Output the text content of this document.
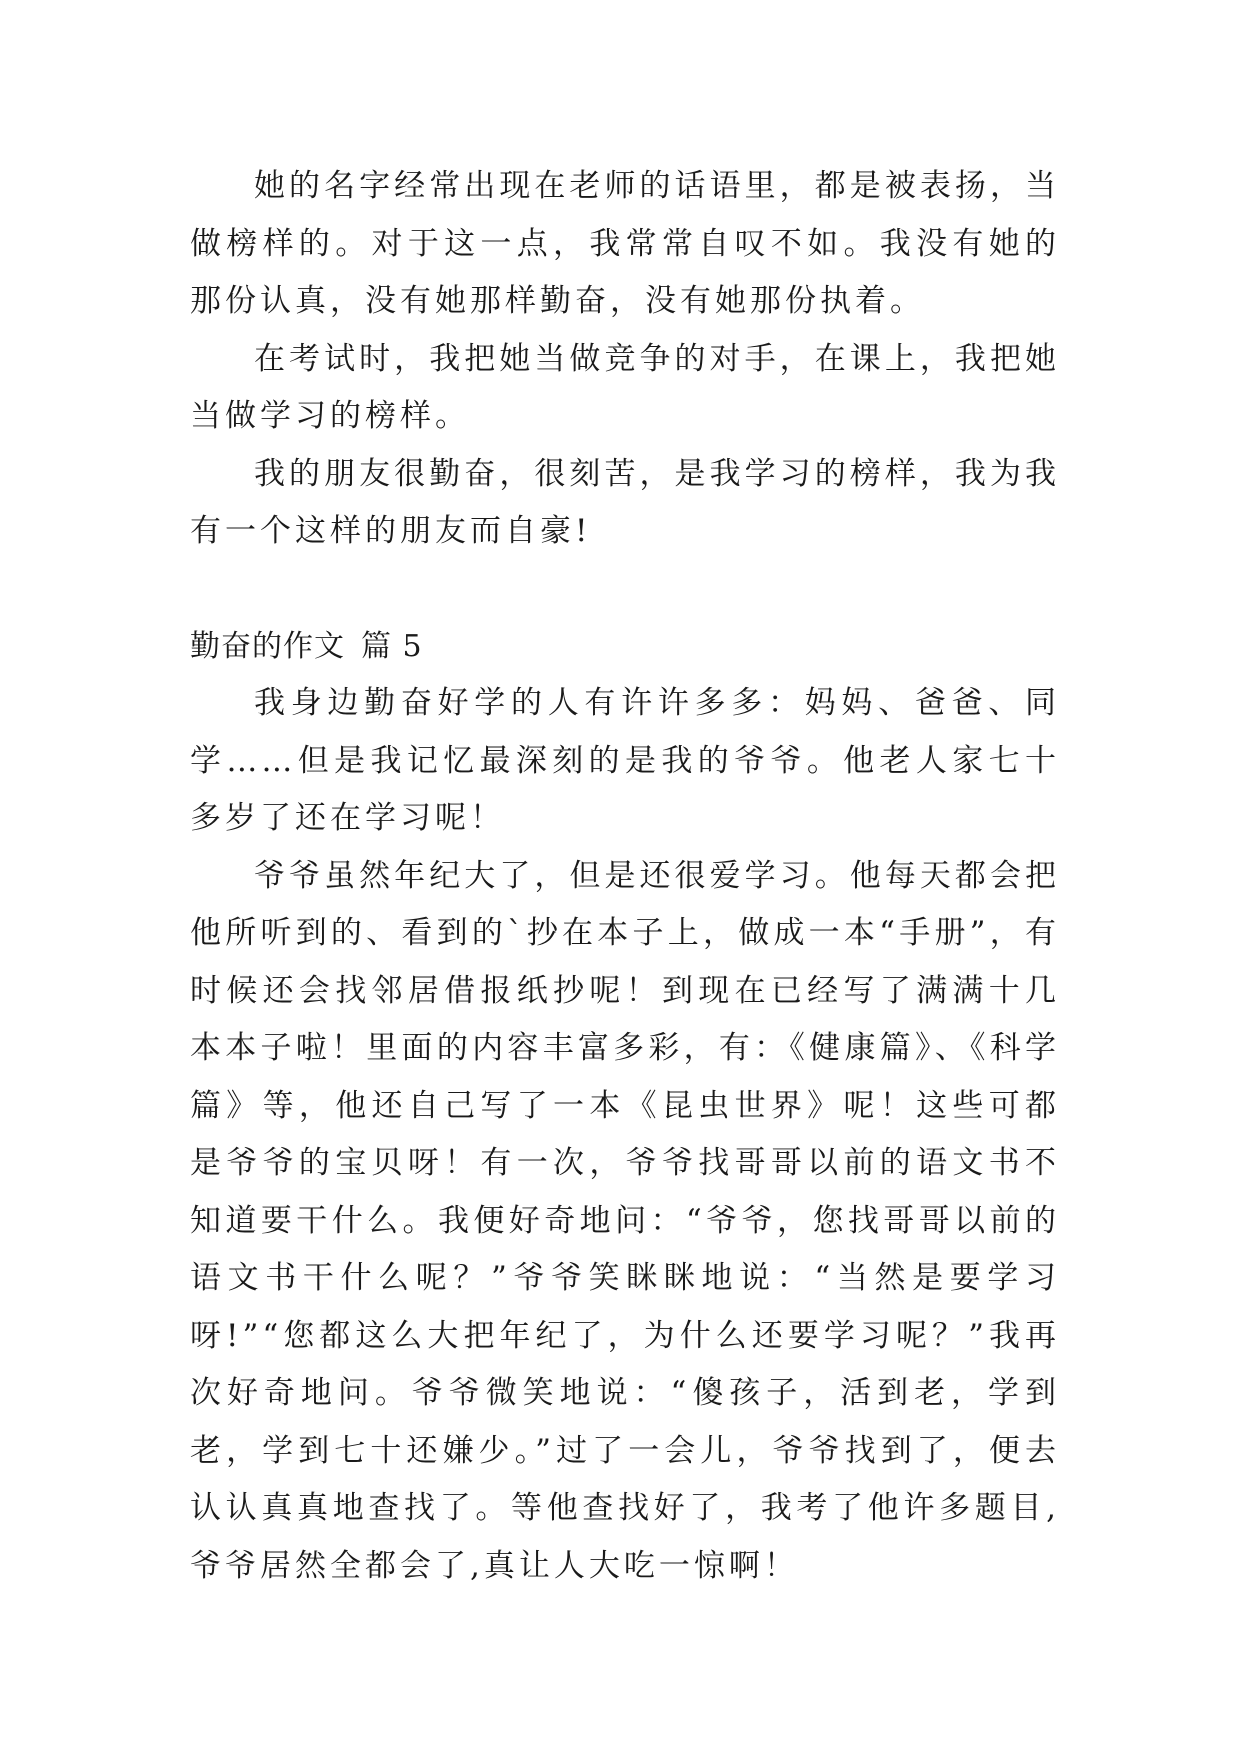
她的名字经常出现在老师的话语里，都是被表扬，当做榜样的。对于这一点，我常常自叹不如。我没有她的那份认真，没有她那样勤奋，没有她那份执着。

在考试时，我把她当做竞争的对手，在课上，我把她当做学习的榜样。

我的朋友很勤奋，很刻苦，是我学习的榜样，我为我有一个这样的朋友而自豪!

勤奋的作文 篇 5

我身边勤奋好学的人有许许多多：妈妈、爸爸、同学……但是我记忆最深刻的是我的爷爷。他老人家七十多岁了还在学习呢！

爷爷虽然年纪大了，但是还很爱学习。他每天都会把他所听到的、看到的`抄在本子上，做成一本“手册”，有时候还会找邻居借报纸抄呢！到现在已经写了满满十几本本子啦！里面的内容丰富多彩，有：《健康篇》、《科学篇》等，他还自己写了一本《昆虫世界》呢！这些可都是爷爷的宝贝呀！有一次，爷爷找哥哥以前的语文书不知道要干什么。我便好奇地问：“爷爷，您找哥哥以前的语文书干什么呢？”爷爷笑眯眯地说：“当然是要学习呀!”“您都这么大把年纪了，为什么还要学习呢？”我再次好奇地问。爷爷微笑地说：“傻孩子，活到老，学到老，学到七十还嫌少。”过了一会儿，爷爷找到了，便去认认真真地查找了。等他查找好了，我考了他许多题目,爷爷居然全都会了,真让人大吃一惊啊！
